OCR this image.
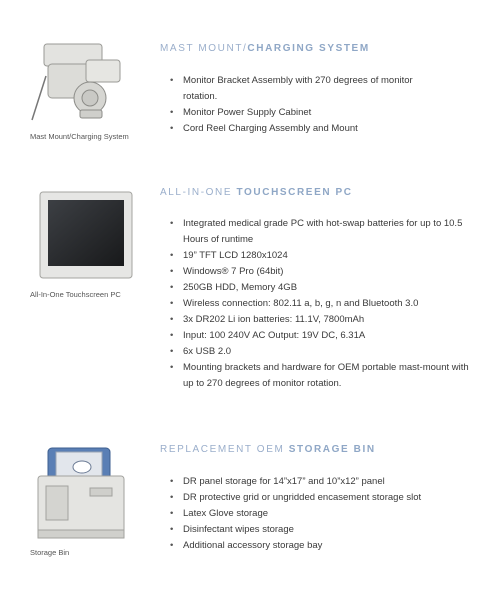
Mast Mount/Charging System
MAST MOUNT/CHARGING SYSTEM
• Monitor Bracket Assembly with 270 degrees of monitor rotation.
• Monitor Power Supply Cabinet
• Cord Reel Charging Assembly and Mount
All-In-One Touchscreen PC
ALL-IN-ONE TOUCHSCREEN PC
• Integrated medical grade PC with hot-swap batteries for up to 10.5 Hours of runtime
• 19” TFT LCD 1280x1024
• Windows® 7 Pro (64bit)
• 250GB HDD, Memory 4GB
• Wireless connection: 802.11 a, b, g, n and Bluetooth 3.0
• 3x DR202 Li ion batteries: 11.1V, 7800mAh
• Input: 100 240V AC Output: 19V DC, 6.31A
• 6x USB 2.0
• Mounting brackets and hardware for OEM portable mast-mount with up to 270 degrees of monitor rotation.
Storage Bin
REPLACEMENT OEM STORAGE BIN
• DR panel storage for 14”x17” and 10”x12” panel
• DR protective grid or ungridded encasement storage slot
• Latex Glove storage
• Disinfectant wipes storage
• Additional accessory storage bay
